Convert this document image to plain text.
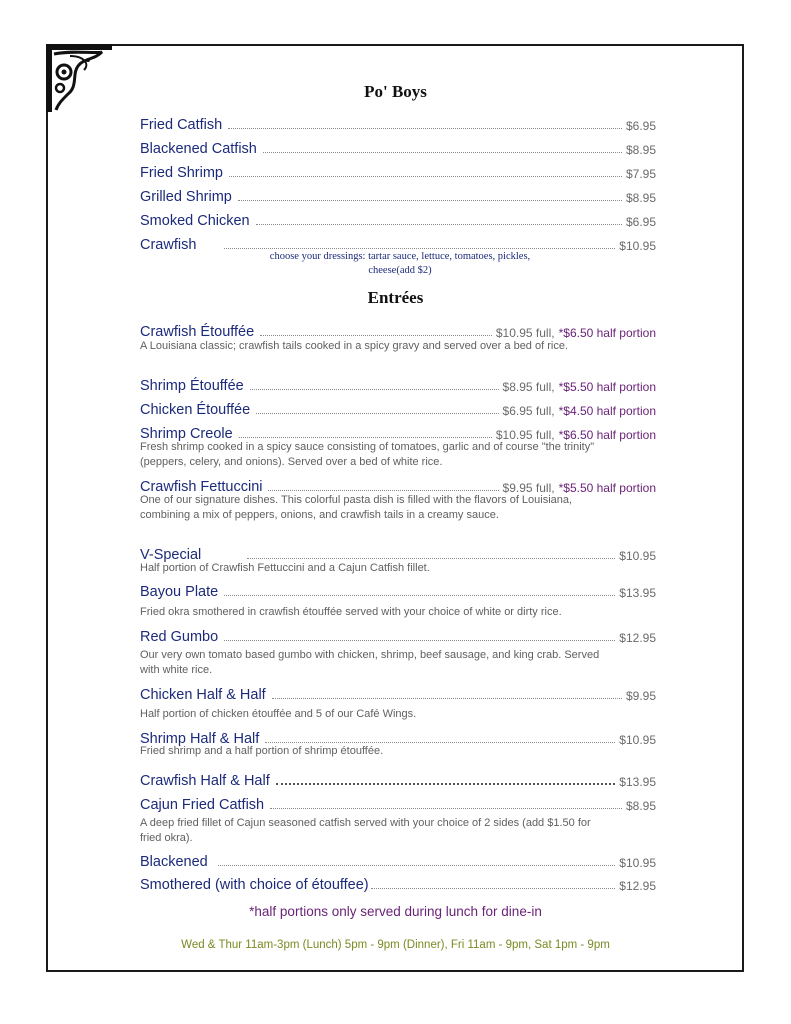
Po' Boys
Fried Catfish	$6.95
Blackened Catfish	$8.95
Fried Shrimp	$7.95
Grilled Shrimp	$8.95
Smoked Chicken	$6.95
Crawfish	$10.95
choose your dressings: tartar sauce, lettuce, tomatoes, pickles,
cheese(add $2)
Entrées
Crawfish Étouffée	$10.95 full, *$6.50 half portion
A Louisiana classic; crawfish tails cooked in a spicy gravy and served over a bed of rice.
Shrimp Étouffée	$8.95 full, *$5.50 half portion
Chicken Étouffée	$6.95 full, *$4.50 half portion
Shrimp Creole	$10.95 full, *$6.50 half portion
Fresh shrimp cooked in a spicy sauce consisting of tomatoes, garlic and of course "the trinity" (peppers, celery, and onions). Served over a bed of white rice.
Crawfish Fettuccini	$9.95 full, *$5.50 half portion
One of our signature dishes. This colorful pasta dish is filled with the flavors of Louisiana, combining a mix of peppers, onions, and crawfish tails in a creamy sauce.
V-Special	$10.95
Half portion of Crawfish Fettuccini and a Cajun Catfish fillet.
Bayou Plate	$13.95
Fried okra smothered in crawfish étouffée served with your choice of white or dirty rice.
Red Gumbo	$12.95
Our very own tomato based gumbo with chicken, shrimp, beef sausage, and king crab. Served with white rice.
Chicken Half & Half	$9.95
Half portion of chicken étouffée and 5 of our Café Wings.
Shrimp Half & Half	$10.95
Fried shrimp and a half portion of shrimp étouffée.
Crawfish Half & Half	$13.95
Cajun Fried Catfish	$8.95
A deep fried fillet of Cajun seasoned catfish served with your choice of 2 sides (add $1.50 for fried okra).
Blackened	$10.95
Smothered (with choice of étouffee)	$12.95
*half portions only served during lunch for dine-in
Wed & Thur 11am-3pm (Lunch) 5pm - 9pm (Dinner), Fri 11am - 9pm, Sat 1pm - 9pm
